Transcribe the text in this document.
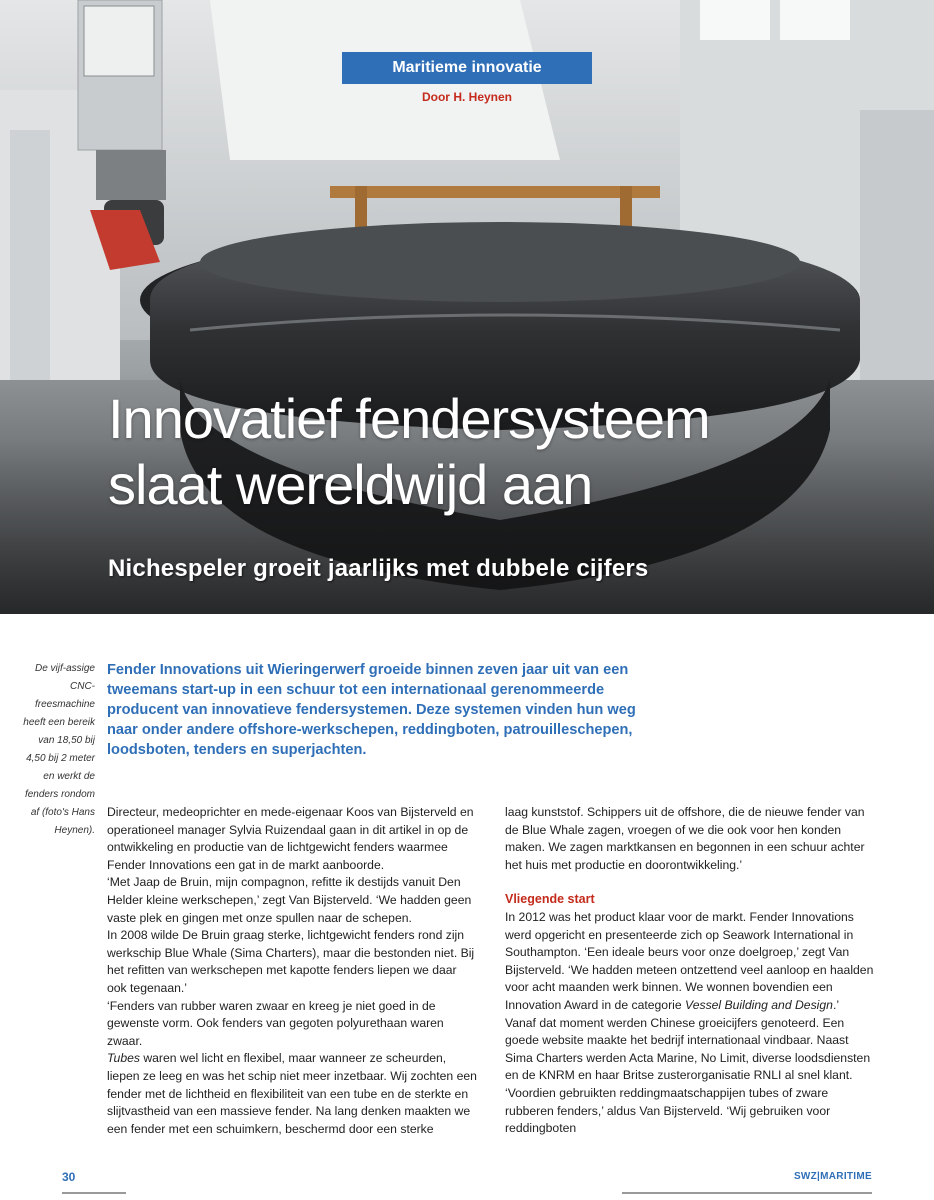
Maritieme innovatie
Door H. Heynen
Innovatief fendersysteem
slaat wereldwijd aan
Nichespeler groeit jaarlijks met dubbele cijfers
De vijf-assige CNC-freesmachine heeft een bereik van 18,50 bij 4,50 bij 2 meter en werkt de fenders rondom af (foto's Hans Heynen).

Fender Innovations uit Wieringerwerf groeide binnen zeven jaar uit van een tweemans start-up in een schuur tot een internationaal gerenommeerde producent van innovatieve fendersystemen. Deze systemen vinden hun weg naar onder andere offshore-werkschepen, reddingboten, patrouilleschepen, loodsboten, tenders en superjachten.

Directeur, medeoprichter en mede-eigenaar Koos van Bijsterveld en operationeel manager Sylvia Ruizendaal gaan in dit artikel in op de ontwikkeling en productie van de lichtgewicht fenders waarmee Fender Innovations een gat in de markt aanboorde.

‘Met Jaap de Bruin, mijn compagnon, refitte ik destijds vanuit Den Helder kleine werkschepen,’ zegt Van Bijsterveld. ‘We hadden geen vaste plek en gingen met onze spullen naar de schepen.

In 2008 wilde De Bruin graag sterke, lichtgewicht fenders rond zijn werkschip Blue Whale (Sima Charters), maar die bestonden niet. Bij het refitten van werkschepen met kapotte fenders liepen we daar ook tegenaan.’

‘Fenders van rubber waren zwaar en kreeg je niet goed in de gewenste vorm. Ook fenders van gegoten polyurethaan waren zwaar.

Tubes waren wel licht en flexibel, maar wanneer ze scheurden, liepen ze leeg en was het schip niet meer inzetbaar. Wij zochten een fender met de lichtheid en flexibiliteit van een tube en de sterkte en slijtvastheid van een massieve fender. Na lang denken maakten we een fender met een schuimkern, beschermd door een sterke

laag kunststof. Schippers uit de offshore, die de nieuwe fender van de Blue Whale zagen, vroegen of we die ook voor hen konden maken. We zagen marktkansen en begonnen in een schuur achter het huis met productie en doorontwikkeling.’

Vliegende start

In 2012 was het product klaar voor de markt. Fender Innovations werd opgericht en presenteerde zich op Seawork International in Southampton. ‘Een ideale beurs voor onze doelgroep,’ zegt Van Bijsterveld. ‘We hadden meteen ontzettend veel aanloop en haalden voor acht maanden werk binnen. We wonnen bovendien een Innovation Award in de categorie Vessel Building and Design.’

Vanaf dat moment werden Chinese groeicijfers genoteerd. Een goede website maakte het bedrijf internationaal vindbaar. Naast Sima Charters werden Acta Marine, No Limit, diverse loodsdiensten en de KNRM en haar Britse zusterorganisatie RNLI al snel klant. ‘Voordien gebruikten reddingmaatschappijen tubes of zware rubberen fenders,’ aldus Van Bijsterveld. ‘Wij gebruiken voor reddingboten

30	SWZ|MARITIME
